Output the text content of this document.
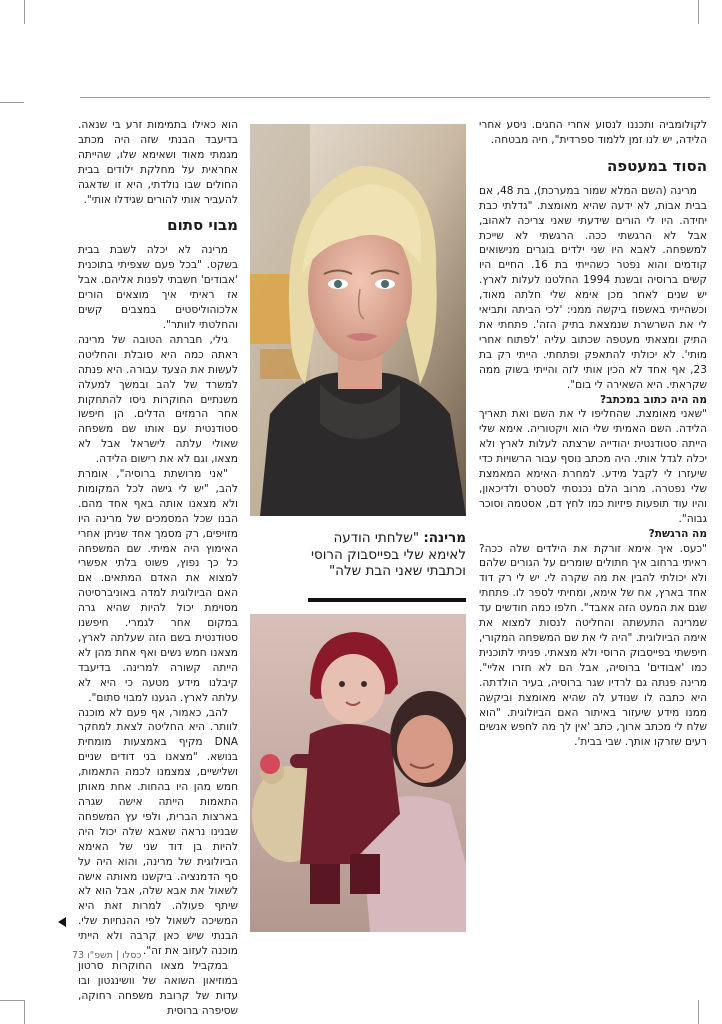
לקולומביה ותכננו לנסוע אחרי החגים. ניסע אחרי הלידה, יש לנו זמן ללמוד ספרדית", חיה מבטחה.

הסוד במעטפה

מרינה (השם המלא שמור במערכת), בת 48, אם בבית אבות, לא ידעה שהיא מאומצת. "גדלתי כבת יחידה. היו לי הורים שידעתי שאני צריכה לאהוב, אבל לא הרגשתי ככה. הרגשתי לא שייכת למשפחה. לאבא היו שני ילדים בוגרים מנישואים קודמים והוא נפטר כשהייתי בת 16. החיים היו קשים ברוסיה ובשנת 1994 החלטנו לעלות לארץ. יש שנים לאחר מכן אימא שלי חלתה מאוד, וכשהייתי באשפוז ביקשה ממני: 'לכי הביתה ותביאי לי את השרשרת שנמצאת בתיק הזה'. פתחתי את התיק ומצאתי מעטפה שכתוב עליה 'לפתוח אחרי מותי'. לא יכולתי להתאפק ופתחתי. הייתי רק בת 23, אף אחד לא הכין אותי לזה והייתי בשוק ממה שקראתי. היא השאירה לי בום".

מה היה כתוב במכתב?

"שאני מאומצת. שהחליפו לי את השם ואת תאריך הלידה. השם האמיתי שלי הוא ויקטוריה. אימא שלי הייתה סטודנטית יהודייה שרצתה לעלות לארץ ולא יכלה לגדל אותי. היה מכתב נוסף עבור הרשויות כדי שיעזרו לי לקבל מידע. למחרת האימא המאמצת שלי נפטרה. מרוב הלם נכנסתי לסטרס ולדיכאון, והיו עוד תופעות פיזיות כמו לחץ דם, אסטמה וסוכר גבוה".

מה הרגשת?

"כעס. איך אימא זורקת את הילדים שלה ככה? ראיתי ברחוב איך חתולים שומרים על הגורים שלהם ולא יכולתי להבין את מה שקרה לי. יש לי רק דוד אחד בארץ, אח של אימא, ומחיתי לספר לו. פתחתי שגם את המעט הזה אאבד". חלפו כמה חודשים עד שמרינה התעשתה והחליטה לנסות למצוא את אימה הביולוגית. "היה לי את שם המשפחה המקורי, חיפשתי בפייסבוק הרוסי ולא מצאתי. פניתי לתוכנית כמו 'אבודים' ברוסיה, אבל הם לא חזרו אליי". מרינה פנתה גם לרדיו שגר ברוסיה, בעיר הולדתה. היא כתבה לו שנודע לה שהיא מאומצת וביקשה ממנו מידע שיעזור באיתור האם הביולוגית. "הוא שלח לי מכתב ארוך, כתב 'אין לך מה לחפש אנשים רעים שזרקו אותך. שבי בבית'.

מרינה: "שלחתי הודעה לאימא שלי בפייסבוק הרוסי וכתבתי שאני הבת שלה"

הוא כאילו בתמימות זרע בי שנאה. בדיעבד הבנתי שזה היה מכתב מגמתי מאוד ושאימא שלו, שהייתה אחראית על מחלקת ילודים בבית החולים שבו נולדתי, היא זו שדאגה להעביר אותי להורים שגידלו אותי".

מבוי סתום

מרינה לא יכלה לשבת בבית בשקט. "בכל פעם שצפיתי בתוכנית 'אבודים' חשבתי לפנות אליהם. אבל אז ראיתי איך מוצאים הורים אלכוהוליסטים במצבים קשים והחלטתי לוותר".

גילי, חברתה הטובה של מרינה ראתה כמה היא סובלת והחליטה לעשות את הצעד עבורה. היא פנתה למשרד של להב ובמשך למעלה משנתיים החוקרות ניסו להתחקות אחר הרמזים הדלים. הן חיפשו סטודנטית עם אותו שם משפחה שאולי עלתה לישראל אבל לא מצאו, וגם לא את רישום הלידה.

"אני מרושתת ברוסיה", אומרת להב, "יש לי גישה לכל המקומות ולא מצאנו אותה באף אחד מהם. הבנו שכל המסמכים של מרינה היו מזויפים, רק מסמך אחד שניתן אחרי האימוץ היה אמיתי. שם המשפחה כל כך נפוץ, פשוט בלתי אפשרי למצוא את האדם המתאים. אם האם הביולוגית למדה באוניברסיטה מסוימת יכול להיות שהיא גרה במקום אחר לגמרי. חיפשנו סטודנטית בשם הזה שעלתה לארץ, מצאנו חמש נשים ואף אחת מהן לא הייתה קשורה למרינה. בדיעבד קיבלנו מידע מטעה כי היא לא עלתה לארץ. הגענו למבוי סתום".

להב, כאמור, אף פעם לא מוכנה לוותר. היא החליטה לצאת למחקר DNA מקיף באמצעות מומחית בנושא. "מצאנו בני דודים שניים ושלישיים, צמצמנו לכמה התאמות, חמש מהן היו בהחות. אחת מאותן התאמות הייתה אישה שגרה בארצות הברית, ולפי עץ המשפחה שבנינו נראה שאבא שלה יכול היה להיות בן דוד שני של האימא הביולוגית של מרינה, והוא היה על סף הדמנציה. ביקשנו מאותה אישה לשאול את אבא שלה, אבל הוא לא שיתף פעולה. למרות זאת היא המשיכה לשאול לפי ההנחיות שלי. הבנתי שיש כאן קרבה ולא הייתי מוכנה לעזוב את זה".

במקביל מצאו החוקרות סרטון במוזיאון השואה של וושינגטון ובו עדות של קרובת משפחה רחוקה, שסיפרה ברוסית

כסלו | תשפ"ו 73
